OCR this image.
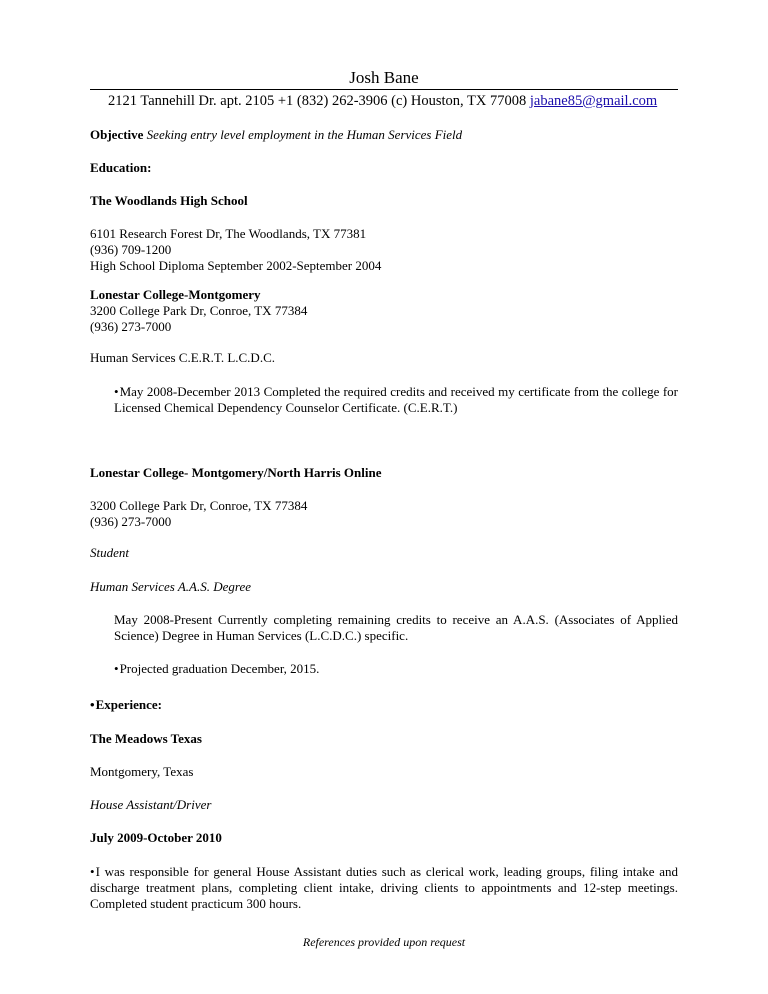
Josh Bane
2121 Tannehill Dr. apt. 2105 +1 (832) 262-3906 (c) Houston, TX 77008 jabane85@gmail.com
Objective Seeking entry level employment in the Human Services Field
Education:
The Woodlands High School
6101 Research Forest Dr, The Woodlands, TX 77381
(936) 709-1200
High School Diploma September 2002-September 2004
Lonestar College-Montgomery
3200 College Park Dr, Conroe, TX 77384
(936) 273-7000
Human Services C.E.R.T. L.C.D.C.
•May 2008-December 2013 Completed the required credits and received my certificate from the college for Licensed Chemical Dependency Counselor Certificate. (C.E.R.T.)
Lonestar College- Montgomery/North Harris Online
3200 College Park Dr, Conroe, TX 77384
(936) 273-7000
Student
Human Services A.A.S. Degree
May 2008-Present Currently completing remaining credits to receive an A.A.S. (Associates of Applied Science) Degree in Human Services (L.C.D.C.) specific.
•Projected graduation December, 2015.
•Experience:
The Meadows Texas
Montgomery, Texas
House Assistant/Driver
July 2009-October 2010
•I was responsible for general House Assistant duties such as clerical work, leading groups, filing intake and discharge treatment plans, completing client intake, driving clients to appointments and 12-step meetings. Completed student practicum 300 hours.
References provided upon request
